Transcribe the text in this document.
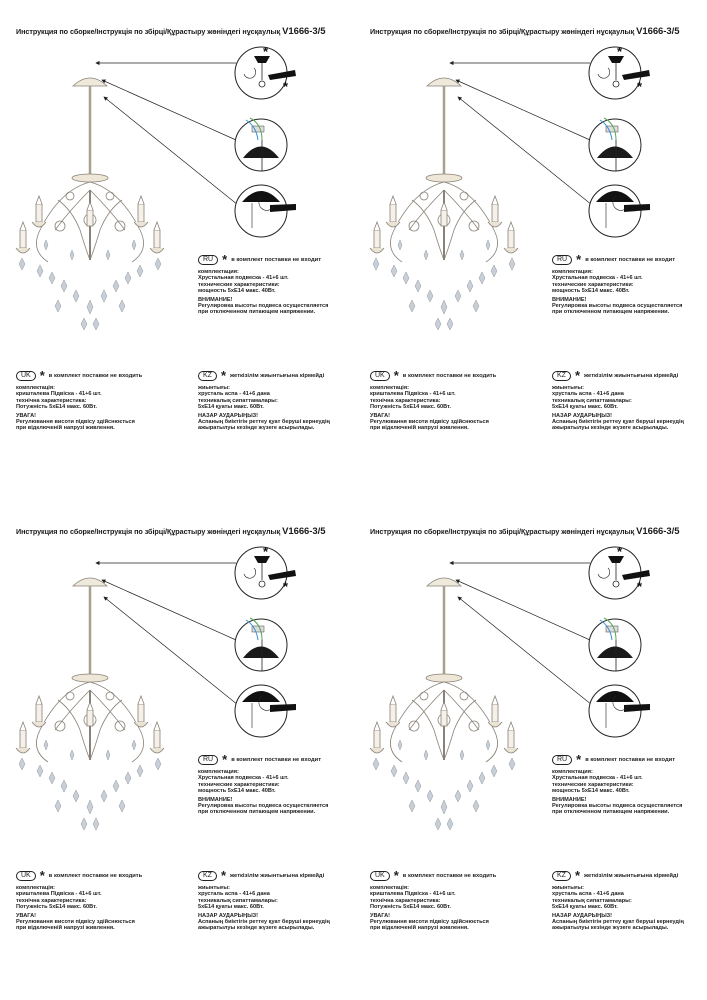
Инструкция по сборке/Інструкція по збірці/Құрастыру жөніндегі нұсқаулық V1666-3/5
*
*
RU * в комплект поставки не входит
комплектация:
Хрустальная подвеска - 41+6 шт.
технические характеристики:
мощность 5xE14 макс. 40Вт.
ВНИМАНИЕ!
Регулировка высоты подвеса осуществляется
при отключенном питающем напряжении.
UK * в комплект поставки не входить
комплектація:
кришталева Підвіска - 41+6 шт.
технічна характеристика:
Потужність 5xE14 макс. 60Вт.
УВАГА!
Регулювання висоти підвісу здійснюється
при відключеній напрузі живлення.
KZ * жеткізілім жиынтығына кірмейді
жиынтығы:
хрусталь аспа - 41+6 дана
техникалық сипаттамалары:
5xE14 қуаты макс. 60Вт.
НАЗАР АУДАРЫҢЫЗ!
Аспаның биіктігін реттеу қуат беруші кернеудің
ажыратылуы кезінде жүзеге асырылады.
Инструкция по сборке/Інструкція по збірці/Құрастыру жөніндегі нұсқаулық V1666-3/5
*
*
RU * в комплект поставки не входит
комплектация:
Хрустальная подвеска - 41+6 шт.
технические характеристики:
мощность 5xE14 макс. 40Вт.
ВНИМАНИЕ!
Регулировка высоты подвеса осуществляется
при отключенном питающем напряжении.
UK * в комплект поставки не входить
комплектація:
кришталева Підвіска - 41+6 шт.
технічна характеристика:
Потужність 5xE14 макс. 60Вт.
УВАГА!
Регулювання висоти підвісу здійснюється
при відключеній напрузі живлення.
KZ * жеткізілім жиынтығына кірмейді
жиынтығы:
хрусталь аспа - 41+6 дана
техникалық сипаттамалары:
5xE14 қуаты макс. 60Вт.
НАЗАР АУДАРЫҢЫЗ!
Аспаның биіктігін реттеу қуат беруші кернеудің
ажыратылуы кезінде жүзеге асырылады.
Инструкция по сборке/Інструкція по збірці/Құрастыру жөніндегі нұсқаулық V1666-3/5
*
*
RU * в комплект поставки не входит
комплектация:
Хрустальная подвеска - 41+6 шт.
технические характеристики:
мощность 5xE14 макс. 40Вт.
ВНИМАНИЕ!
Регулировка высоты подвеса осуществляется
при отключенном питающем напряжении.
UK * в комплект поставки не входить
комплектація:
кришталева Підвіска - 41+6 шт.
технічна характеристика:
Потужність 5xE14 макс. 60Вт.
УВАГА!
Регулювання висоти підвісу здійснюється
при відключеній напрузі живлення.
KZ * жеткізілім жиынтығына кірмейді
жиынтығы:
хрусталь аспа - 41+6 дана
техникалық сипаттамалары:
5xE14 қуаты макс. 60Вт.
НАЗАР АУДАРЫҢЫЗ!
Аспаның биіктігін реттеу қуат беруші кернеудің
ажыратылуы кезінде жүзеге асырылады.
Инструкция по сборке/Інструкція по збірці/Құрастыру жөніндегі нұсқаулық V1666-3/5
*
*
RU * в комплект поставки не входит
комплектация:
Хрустальная подвеска - 41+6 шт.
технические характеристики:
мощность 5xE14 макс. 40Вт.
ВНИМАНИЕ!
Регулировка высоты подвеса осуществляется
при отключенном питающем напряжении.
UK * в комплект поставки не входить
комплектація:
кришталева Підвіска - 41+6 шт.
технічна характеристика:
Потужність 5xE14 макс. 60Вт.
УВАГА!
Регулювання висоти підвісу здійснюється
при відключеній напрузі живлення.
KZ * жеткізілім жиынтығына кірмейді
жиынтығы:
хрусталь аспа - 41+6 дана
техникалық сипаттамалары:
5xE14 қуаты макс. 60Вт.
НАЗАР АУДАРЫҢЫЗ!
Аспаның биіктігін реттеу қуат беруші кернеудің
ажыратылуы кезінде жүзеге асырылады.
